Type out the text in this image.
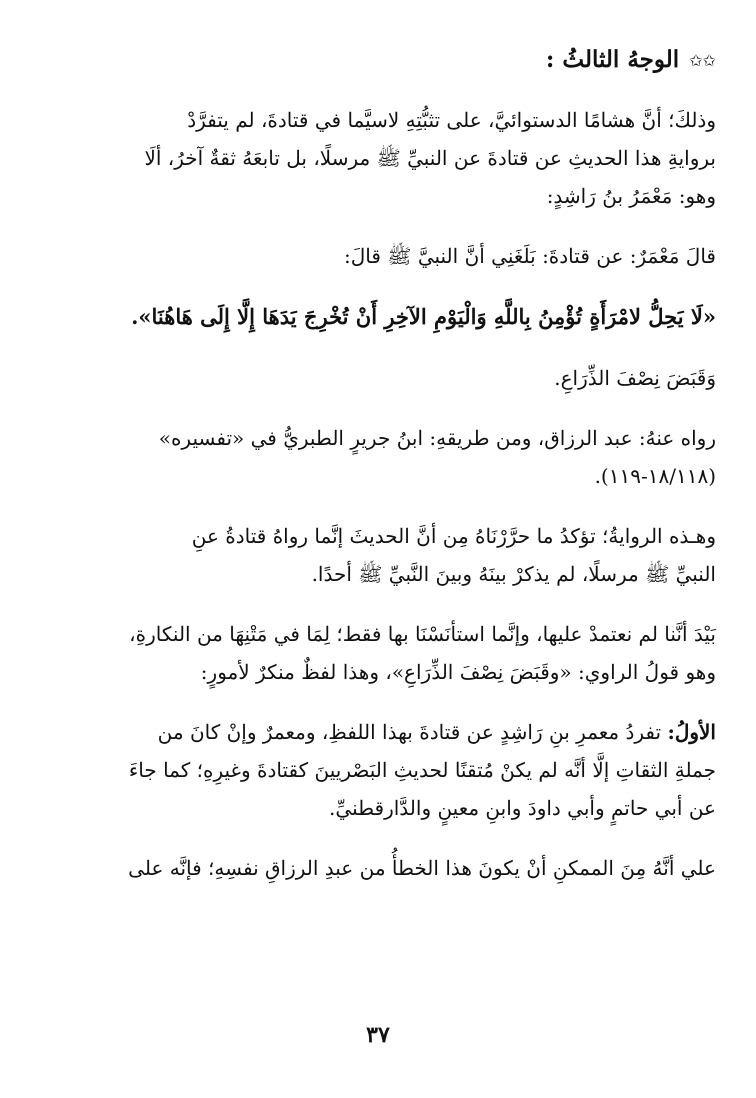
✩✩ الوجهُ الثالثُ :

وذلكَ؛ أنَّ هشامًا الدستوائيَّ، على تثبُّتِهِ لاسيَّما في قتادةَ، لم يتفرَّدْ
بروايةِ هذا الحديثِ عن قتادةَ عن النبيِّ ﷺ مرسلًا، بل تابعَهُ ثقةٌ آخرُ، ألَا
وهو: مَعْمَرُ بنُ رَاشِدٍ:

قالَ مَعْمَرٌ: عن قتادةَ: بَلَغَنِي أنَّ النبيَّ ﷺ قالَ:

«لَا يَحِلُّ لامْرَأَةٍ تُؤْمِنُ بِاللَّهِ وَالْيَوْمِ الآخِرِ أَنْ تُخْرِجَ يَدَهَا إِلَّا إِلَى هَاهُنَا».

وَقَبَضَ نِصْفَ الذِّرَاعِ.

رواه عنهُ: عبد الرزاق، ومن طريقهِ: ابنُ جريرٍ الطبريُّ في «تفسيره»
(١٨/١١٨-١١٩).

وهـذه الروايةُ؛ تؤكدُ ما حرَّرْنَاهُ مِن أنَّ الحديثَ إنَّما رواهُ قتادةُ عنِ
النبيِّ ﷺ مرسلًا، لم يذكرْ بينَهُ وبينَ النَّبيِّ ﷺ أحدًا.

بَيْدَ أنَّنا لم نعتمدْ عليها، وإنَّما استأنَسْنَا بها فقط؛ لِمَا في مَتْنِهَا من النكارةِ،
وهو قولُ الراوي: «وقَبَضَ نِصْفَ الذِّرَاعِ»، وهذا لفظٌ منكرٌ لأمورٍ:

الأولُ: تفردُ معمرِ بنِ رَاشِدٍ عن قتادةَ بهذا اللفظِ، ومعمرٌ وإنْ كانَ من
جملةِ الثقاتِ إلَّا أنَّه لم يكنْ مُتقنًا لحديثِ البَصْريينَ كقتادةَ وغيرِهِ؛ كما جاءَ
عن أبي حاتمٍ وأبي داودَ وابنِ معينٍ والدَّارقطنيِّ.

علي أنَّهُ مِنَ الممكنِ أنْ يكونَ هذا الخطأُ من عبدِ الرزاقِ نفسِهِ؛ فإنَّه على

٣٧
